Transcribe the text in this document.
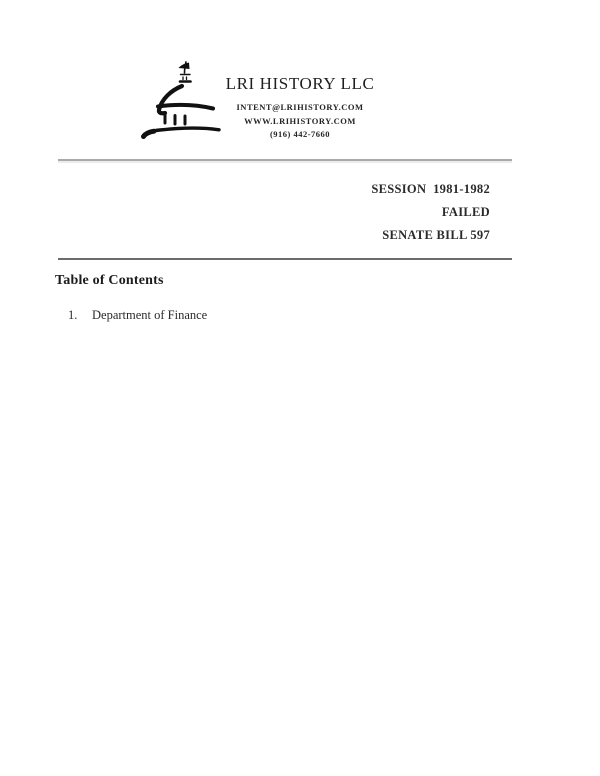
LRI HISTORY LLC
INTENT@LRIHISTORY.COM
WWW.LRIHISTORY.COM
(916) 442-7660
SESSION  1981-1982
FAILED
SENATE BILL 597
Table of Contents
1.	Department of Finance
